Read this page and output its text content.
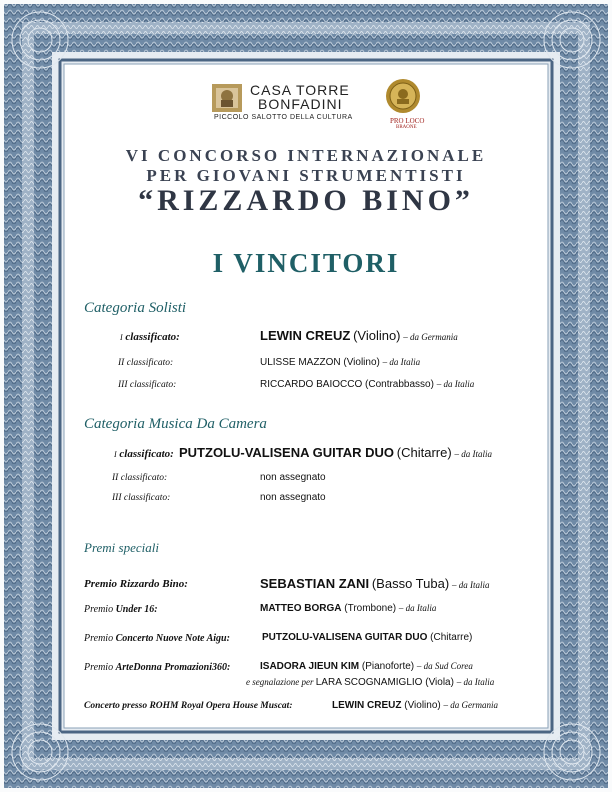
CASA TORRE
BONFADINI
PICCOLO SALOTTO DELLA CULTURA	PRO LOCO
BRAONE
VI CONCORSO INTERNAZIONALE
PER GIOVANI STRUMENTISTI
“RIZZARDO BINO”
I VINCITORI
Categoria Solisti
I classificato:	LEWIN CREUZ (Violino) – da Germania
II classificato:	ULISSE MAZZON (Violino) – da Italia
III classificato:	RICCARDO BAIOCCO (Contrabbasso) – da Italia
Categoria Musica Da Camera
I classificato: PUTZOLU-VALISENA GUITAR DUO (Chitarre) – da Italia
II classificato:	non assegnato
III classificato:	non assegnato
Premi speciali
Premio Rizzardo Bino:	SEBASTIAN ZANI (Basso Tuba) – da Italia
Premio Under 16:	MATTEO BORGA (Trombone) – da Italia
Premio Concerto Nuove Note Aigu:	PUTZOLU-VALISENA GUITAR DUO (Chitarre)
Premio ArteDonna Promazioni360:	ISADORA JIEUN KIM (Pianoforte) – da Sud Corea
e segnalazione per LARA SCOGNAMIGLIO (Viola) – da Italia
Concerto presso ROHM Royal Opera House Muscat:	LEWIN CREUZ (Violino) – da Germania
